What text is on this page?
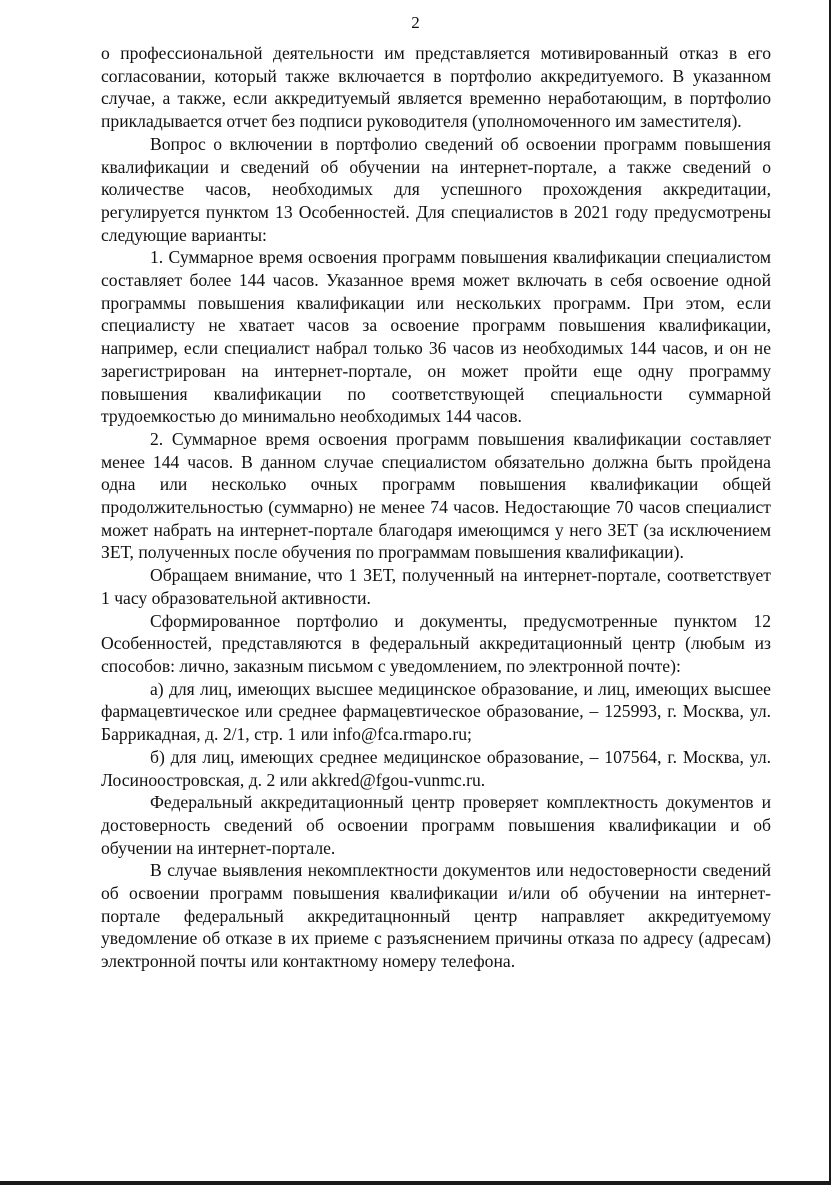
2

о профессиональной деятельности им представляется мотивированный отказ в его согласовании, который также включается в портфолио аккредитуемого. В указанном случае, а также, если аккредитуемый является временно неработающим, в портфолио прикладывается отчет без подписи руководителя (уполномоченного им заместителя).

Вопрос о включении в портфолио сведений об освоении программ повышения квалификации и сведений об обучении на интернет-портале, а также сведений о количестве часов, необходимых для успешного прохождения аккредитации, регулируется пунктом 13 Особенностей. Для специалистов в 2021 году предусмотрены следующие варианты:

1. Суммарное время освоения программ повышения квалификации специалистом составляет более 144 часов. Указанное время может включать в себя освоение одной программы повышения квалификации или нескольких программ. При этом, если специалисту не хватает часов за освоение программ повышения квалификации, например, если специалист набрал только 36 часов из необходимых 144 часов, и он не зарегистрирован на интернет-портале, он может пройти еще одну программу повышения квалификации по соответствующей специальности суммарной трудоемкостью до минимально необходимых 144 часов.

2. Суммарное время освоения программ повышения квалификации составляет менее 144 часов. В данном случае специалистом обязательно должна быть пройдена одна или несколько очных программ повышения квалификации общей продолжительностью (суммарно) не менее 74 часов. Недостающие 70 часов специалист может набрать на интернет-портале благодаря имеющимся у него ЗЕТ (за исключением ЗЕТ, полученных после обучения по программам повышения квалификации).

Обращаем внимание, что 1 ЗЕТ, полученный на интернет-портале, соответствует 1 часу образовательной активности.

Сформированное портфолио и документы, предусмотренные пунктом 12 Особенностей, представляются в федеральный аккредитационный центр (любым из способов: лично, заказным письмом с уведомлением, по электронной почте):

а) для лиц, имеющих высшее медицинское образование, и лиц, имеющих высшее фармацевтическое или среднее фармацевтическое образование, – 125993, г. Москва, ул. Баррикадная, д. 2/1, стр. 1 или info@fca.rmapo.ru;

б) для лиц, имеющих среднее медицинское образование, – 107564, г. Москва, ул. Лосиноостровская, д. 2 или akkred@fgou-vunmc.ru.

Федеральный аккредитационный центр проверяет комплектность документов и достоверность сведений об освоении программ повышения квалификации и об обучении на интернет-портале.

В случае выявления некомплектности документов или недостоверности сведений об освоении программ повышения квалификации и/или об обучении на интернет-портале федеральный аккредитацнонный центр направляет аккредитуемому уведомление об отказе в их приеме с разъяснением причины отказа по адресу (адресам) электронной почты или контактному номеру телефона.
